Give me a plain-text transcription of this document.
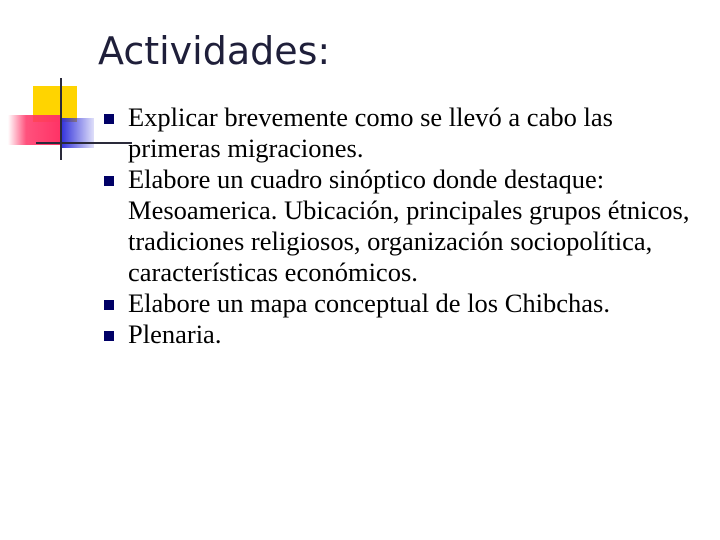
Actividades:
Explicar brevemente como se llevó a cabo las primeras migraciones.
Elabore un cuadro sinóptico donde destaque: Mesoamerica. Ubicación, principales grupos étnicos, tradiciones religiosos, organización sociopolítica, características económicos.
Elabore un mapa conceptual de los Chibchas.
Plenaria.
